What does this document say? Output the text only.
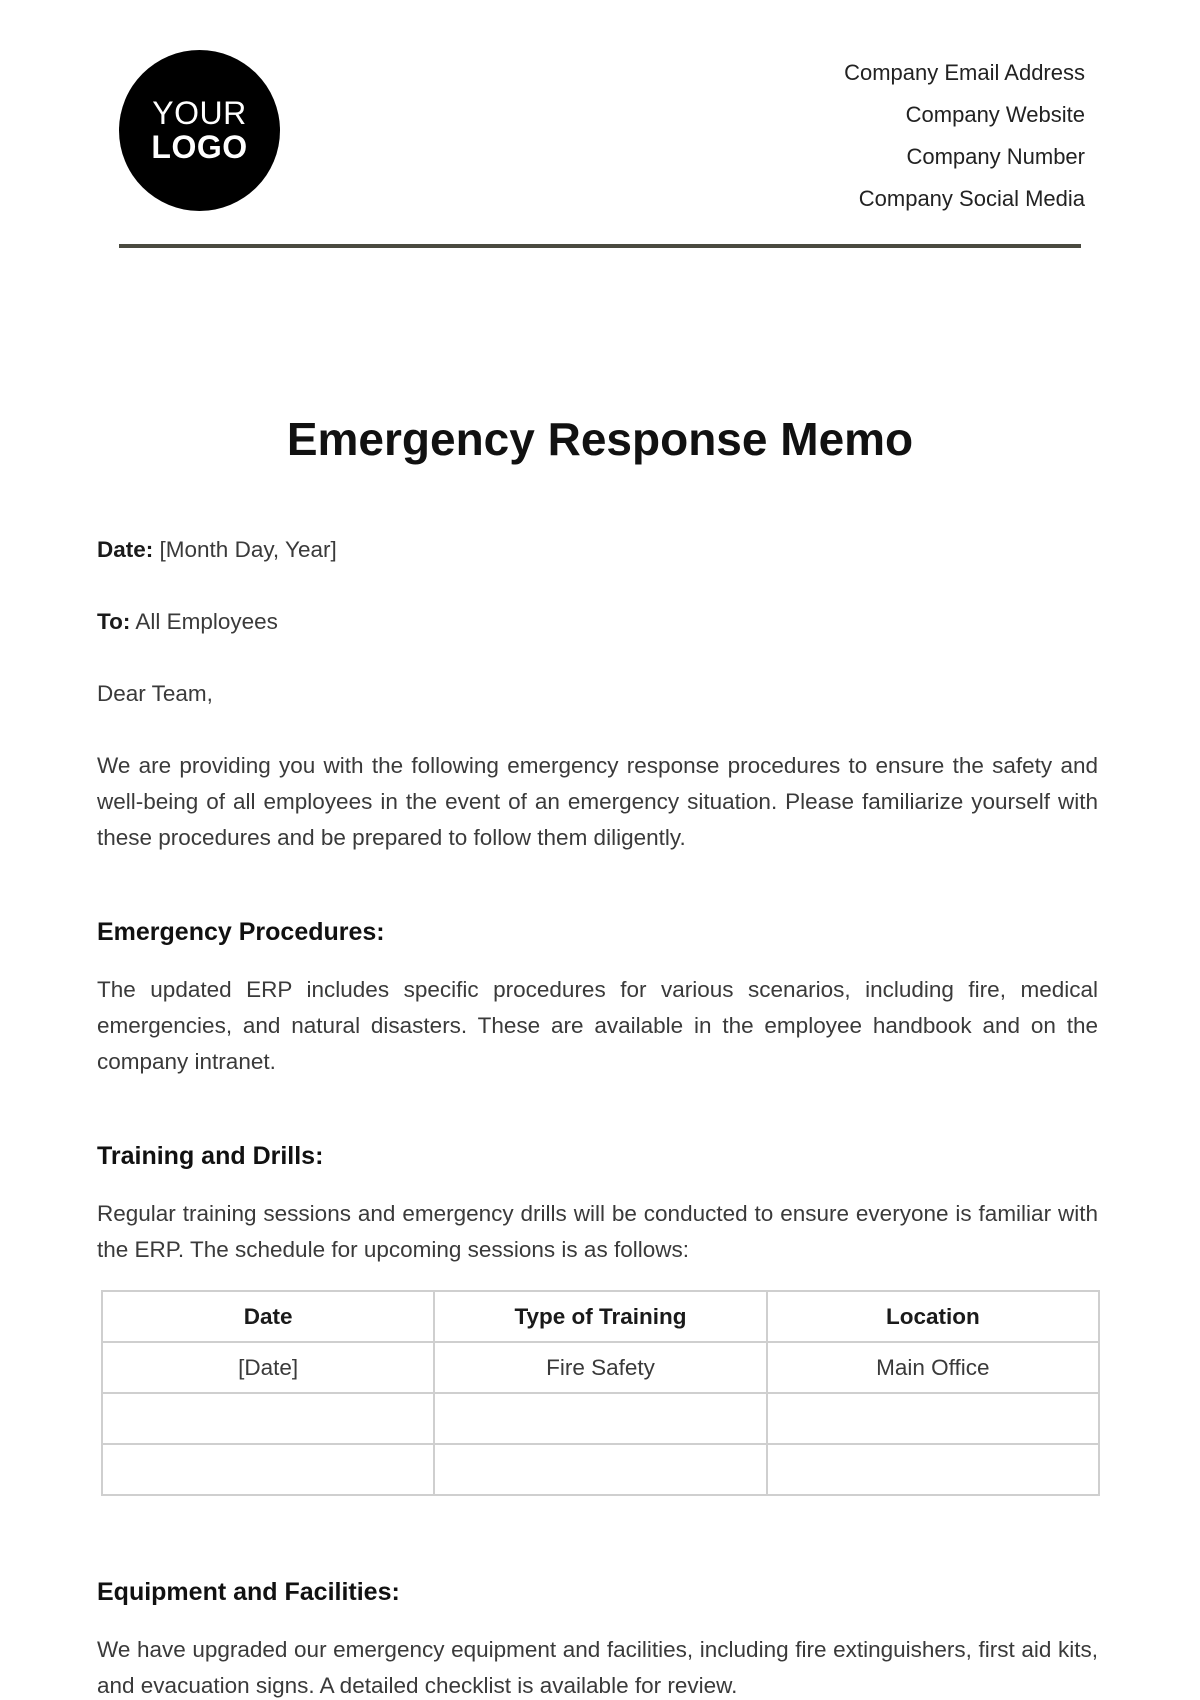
YOUR
LOGO
Company Email Address
Company Website
Company Number
Company Social Media
Emergency Response Memo

Date: [Month Day, Year]

To: All Employees

Dear Team,

We are providing you with the following emergency response procedures to ensure the safety and well-being of all employees in the event of an emergency situation. Please familiarize yourself with these procedures and be prepared to follow them diligently.

Emergency Procedures:

The updated ERP includes specific procedures for various scenarios, including fire, medical emergencies, and natural disasters. These are available in the employee handbook and on the company intranet.

Training and Drills:

Regular training sessions and emergency drills will be conducted to ensure everyone is familiar with the ERP. The schedule for upcoming sessions is as follows:

Date	Type of Training	Location
[Date]	Fire Safety	Main Office

Equipment and Facilities:

We have upgraded our emergency equipment and facilities, including fire extinguishers, first aid kits, and evacuation signs. A detailed checklist is available for review.
